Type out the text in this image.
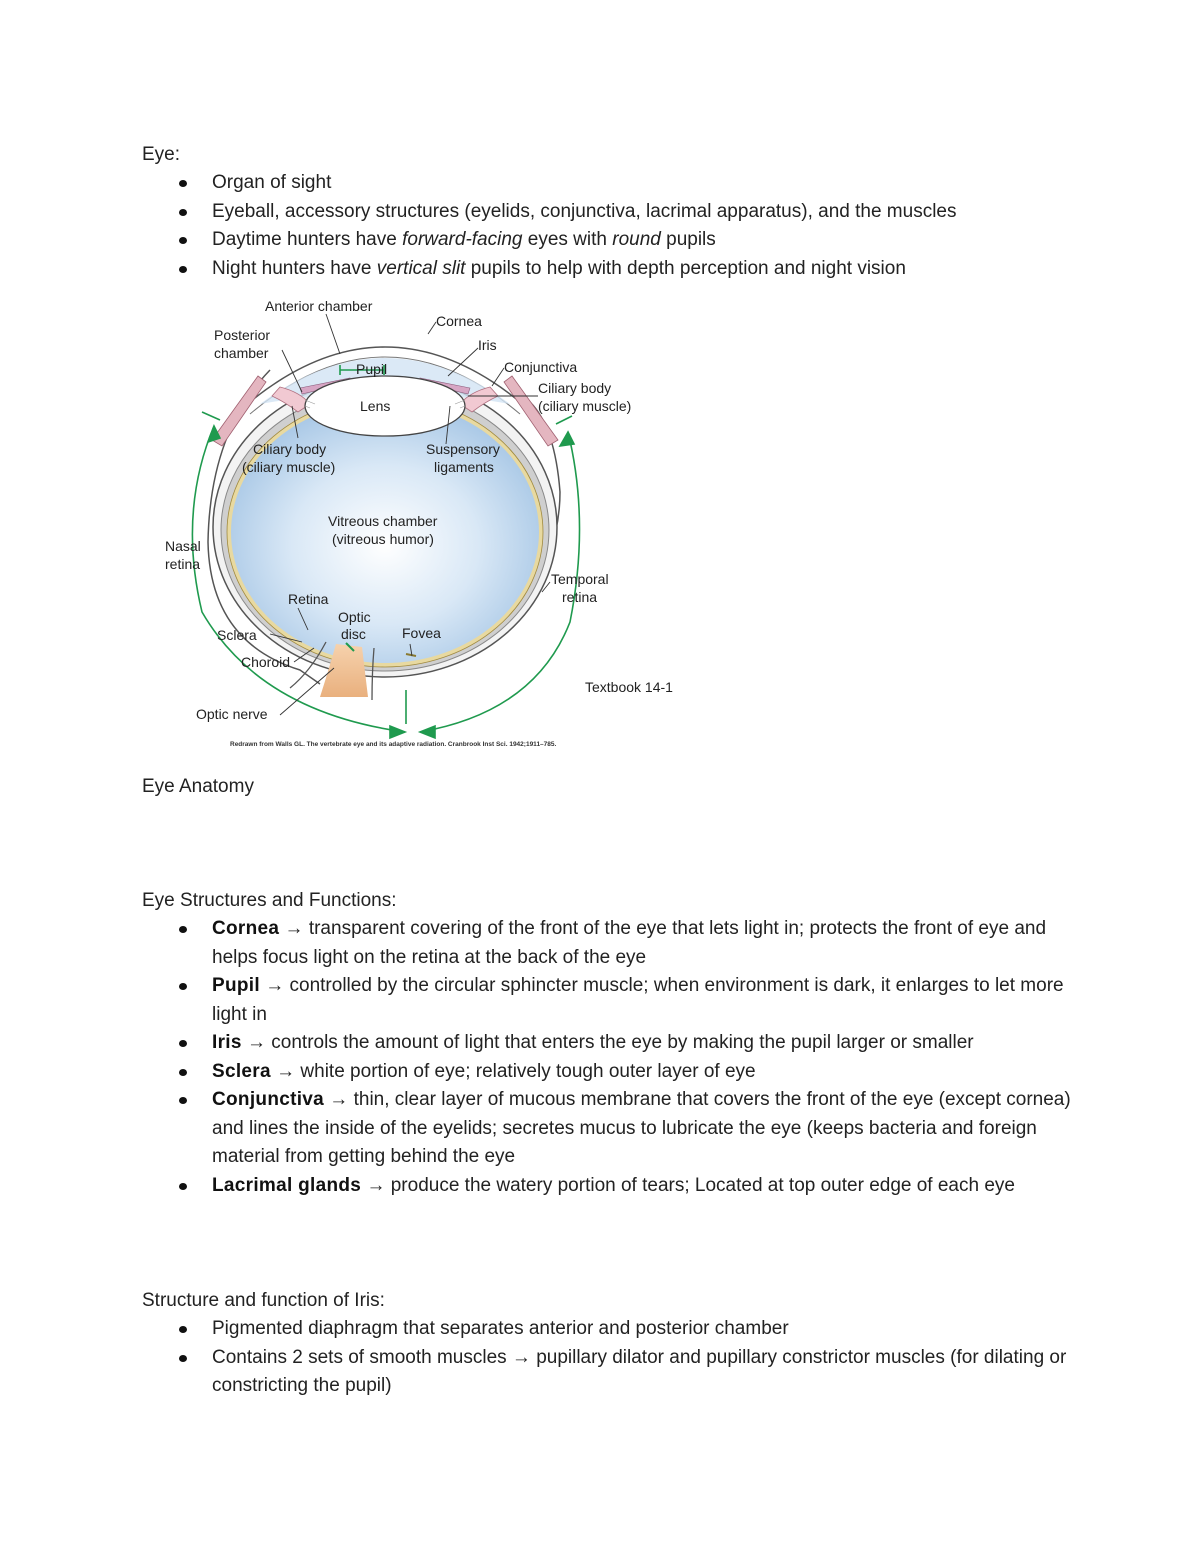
Eye:
Organ of sight
Eyeball, accessory structures (eyelids, conjunctiva, lacrimal apparatus), and the muscles
Daytime hunters have forward-facing eyes with round pupils
Night hunters have vertical slit pupils to help with depth perception and night vision
Anterior chamber
Posterior
chamber
Cornea
Iris
Pupil	Conjunctiva
Ciliary body
(ciliary muscle)
Lens
Ciliary body
(ciliary muscle)
Suspensory
ligaments
Vitreous chamber
(vitreous humor)
Nasal
retina
Temporal
retina
Retina
Optic
disc	Fovea
Sclera
Choroid
Optic nerve
Textbook 14-1
Redrawn from Walls GL. The vertebrate eye and its adaptive radiation. Cranbrook Inst Sci. 1942;1911–785.
Eye Anatomy
Eye Structures and Functions:
Cornea → transparent covering of the front of the eye that lets light in; protects the front of eye and helps focus light on the retina at the back of the eye
Pupil → controlled by the circular sphincter muscle; when environment is dark, it enlarges to let more light in
Iris → controls the amount of light that enters the eye by making the pupil larger or smaller
Sclera → white portion of eye; relatively tough outer layer of eye
Conjunctiva → thin, clear layer of mucous membrane that covers the front of the eye (except cornea) and lines the inside of the eyelids; secretes mucus to lubricate the eye (keeps bacteria and foreign material from getting behind the eye
Lacrimal glands → produce the watery portion of tears; Located at top outer edge of each eye
Structure and function of Iris:
Pigmented diaphragm that separates anterior and posterior chamber
Contains 2 sets of smooth muscles → pupillary dilator and pupillary constrictor muscles (for dilating or constricting the pupil)
